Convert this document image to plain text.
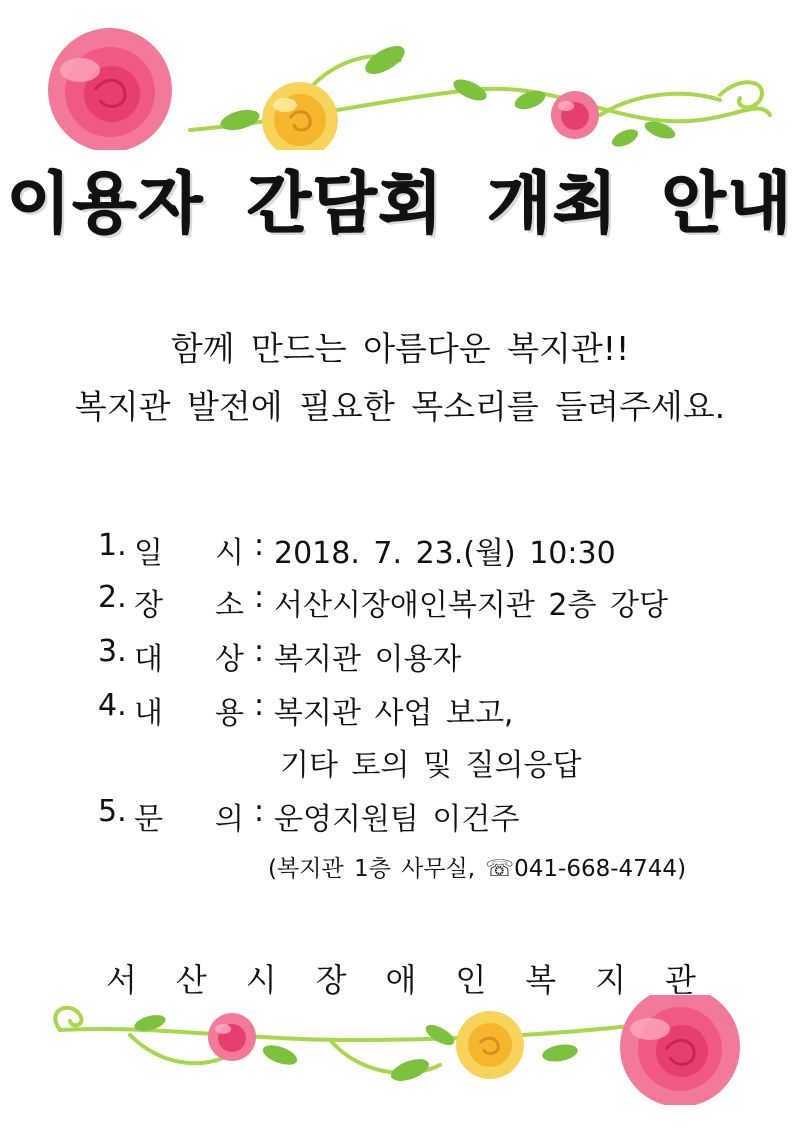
이용자 간담회 개최 안내
함께 만드는 아름다운 복지관!!
복지관 발전에 필요한 목소리를 들려주세요.
1. 일 시 : 2018. 7. 23.(월) 10:30
2. 장 소 : 서산시장애인복지관 2층 강당
3. 대 상 : 복지관 이용자
4. 내 용 : 복지관 사업 보고,
기타 토의 및 질의응답
5. 문 의 : 운영지원팀 이건주
(복지관 1층 사무실, ☏041-668-4744)
서 산 시 장 애 인 복 지 관
